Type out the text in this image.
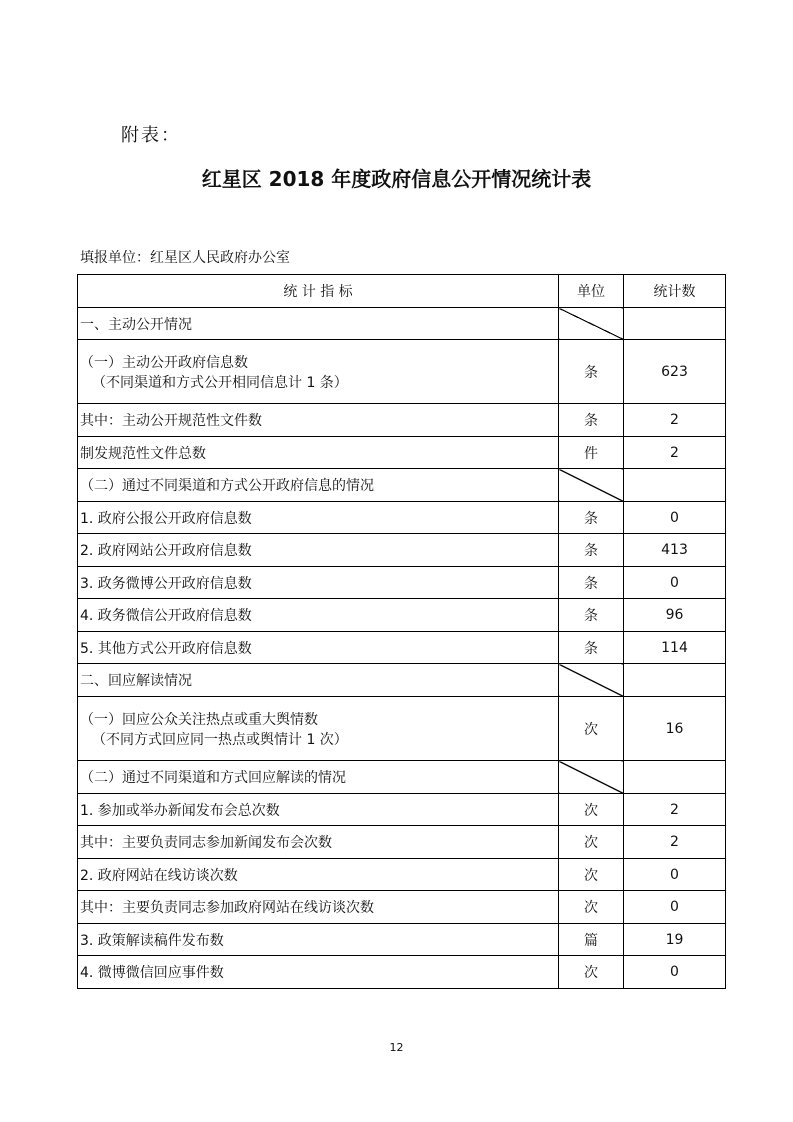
附表：
红星区 2018 年度政府信息公开情况统计表
填报单位：红星区人民政府办公室
统 计 指 标	单位	统计数
一、主动公开情况		
（一）主动公开政府信息数
（不同渠道和方式公开相同信息计 1 条）	条	623
其中：主动公开规范性文件数	条	2
制发规范性文件总数	件	2
（二）通过不同渠道和方式公开政府信息的情况		
1. 政府公报公开政府信息数	条	0
2. 政府网站公开政府信息数	条	413
3. 政务微博公开政府信息数	条	0
4. 政务微信公开政府信息数	条	96
5. 其他方式公开政府信息数	条	114
二、回应解读情况		
（一）回应公众关注热点或重大舆情数
（不同方式回应同一热点或舆情计 1 次）	次	16
（二）通过不同渠道和方式回应解读的情况		
1. 参加或举办新闻发布会总次数	次	2
其中：主要负责同志参加新闻发布会次数	次	2
2. 政府网站在线访谈次数	次	0
其中：主要负责同志参加政府网站在线访谈次数	次	0
3. 政策解读稿件发布数	篇	19
4. 微博微信回应事件数	次	0
12
